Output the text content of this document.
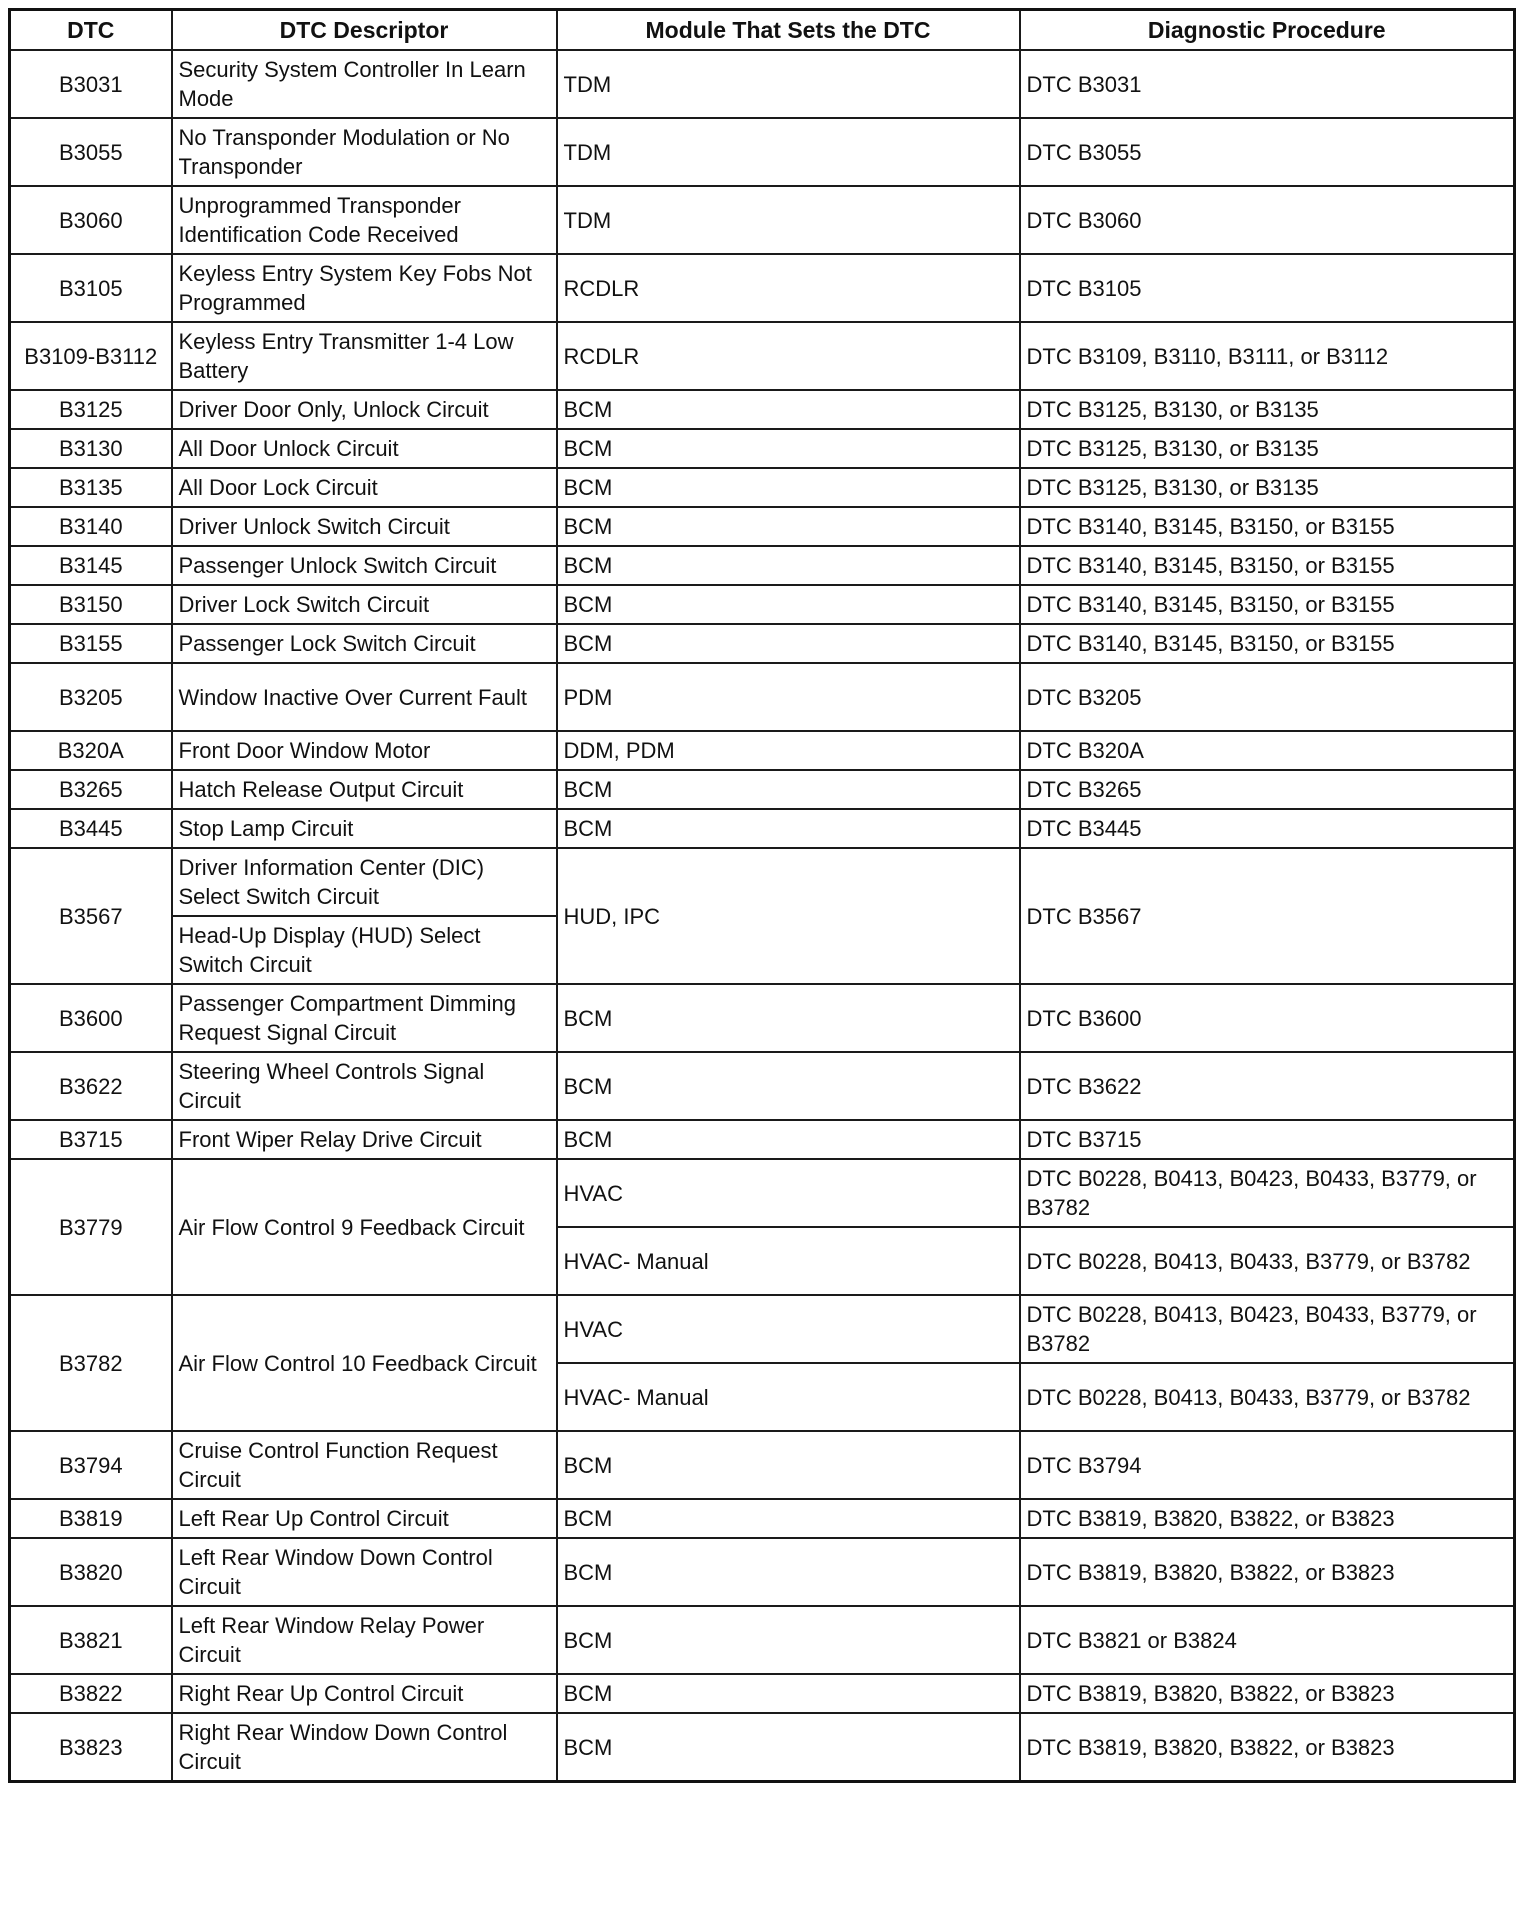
DTC	DTC Descriptor	Module That Sets the DTC	Diagnostic Procedure
B3031	Security System Controller In Learn Mode	TDM	DTC B3031
B3055	No Transponder Modulation or No Transponder	TDM	DTC B3055
B3060	Unprogrammed Transponder Identification Code Received	TDM	DTC B3060
B3105	Keyless Entry System Key Fobs Not Programmed	RCDLR	DTC B3105
B3109-B3112	Keyless Entry Transmitter 1-4 Low Battery	RCDLR	DTC B3109, B3110, B3111, or B3112
B3125	Driver Door Only, Unlock Circuit	BCM	DTC B3125, B3130, or B3135
B3130	All Door Unlock Circuit	BCM	DTC B3125, B3130, or B3135
B3135	All Door Lock Circuit	BCM	DTC B3125, B3130, or B3135
B3140	Driver Unlock Switch Circuit	BCM	DTC B3140, B3145, B3150, or B3155
B3145	Passenger Unlock Switch Circuit	BCM	DTC B3140, B3145, B3150, or B3155
B3150	Driver Lock Switch Circuit	BCM	DTC B3140, B3145, B3150, or B3155
B3155	Passenger Lock Switch Circuit	BCM	DTC B3140, B3145, B3150, or B3155
B3205	Window Inactive Over Current Fault	PDM	DTC B3205
B320A	Front Door Window Motor	DDM, PDM	DTC B320A
B3265	Hatch Release Output Circuit	BCM	DTC B3265
B3445	Stop Lamp Circuit	BCM	DTC B3445
B3567	Driver Information Center (DIC) Select Switch Circuit	HUD, IPC	DTC B3567
	Head-Up Display (HUD) Select Switch Circuit		
B3600	Passenger Compartment Dimming Request Signal Circuit	BCM	DTC B3600
B3622	Steering Wheel Controls Signal Circuit	BCM	DTC B3622
B3715	Front Wiper Relay Drive Circuit	BCM	DTC B3715
B3779	Air Flow Control 9 Feedback Circuit	HVAC	DTC B0228, B0413, B0423, B0433, B3779, or B3782
		HVAC- Manual	DTC B0228, B0413, B0433, B3779, or B3782
B3782	Air Flow Control 10 Feedback Circuit	HVAC	DTC B0228, B0413, B0423, B0433, B3779, or B3782
		HVAC- Manual	DTC B0228, B0413, B0433, B3779, or B3782
B3794	Cruise Control Function Request Circuit	BCM	DTC B3794
B3819	Left Rear Up Control Circuit	BCM	DTC B3819, B3820, B3822, or B3823
B3820	Left Rear Window Down Control Circuit	BCM	DTC B3819, B3820, B3822, or B3823
B3821	Left Rear Window Relay Power Circuit	BCM	DTC B3821 or B3824
B3822	Right Rear Up Control Circuit	BCM	DTC B3819, B3820, B3822, or B3823
B3823	Right Rear Window Down Control Circuit	BCM	DTC B3819, B3820, B3822, or B3823
